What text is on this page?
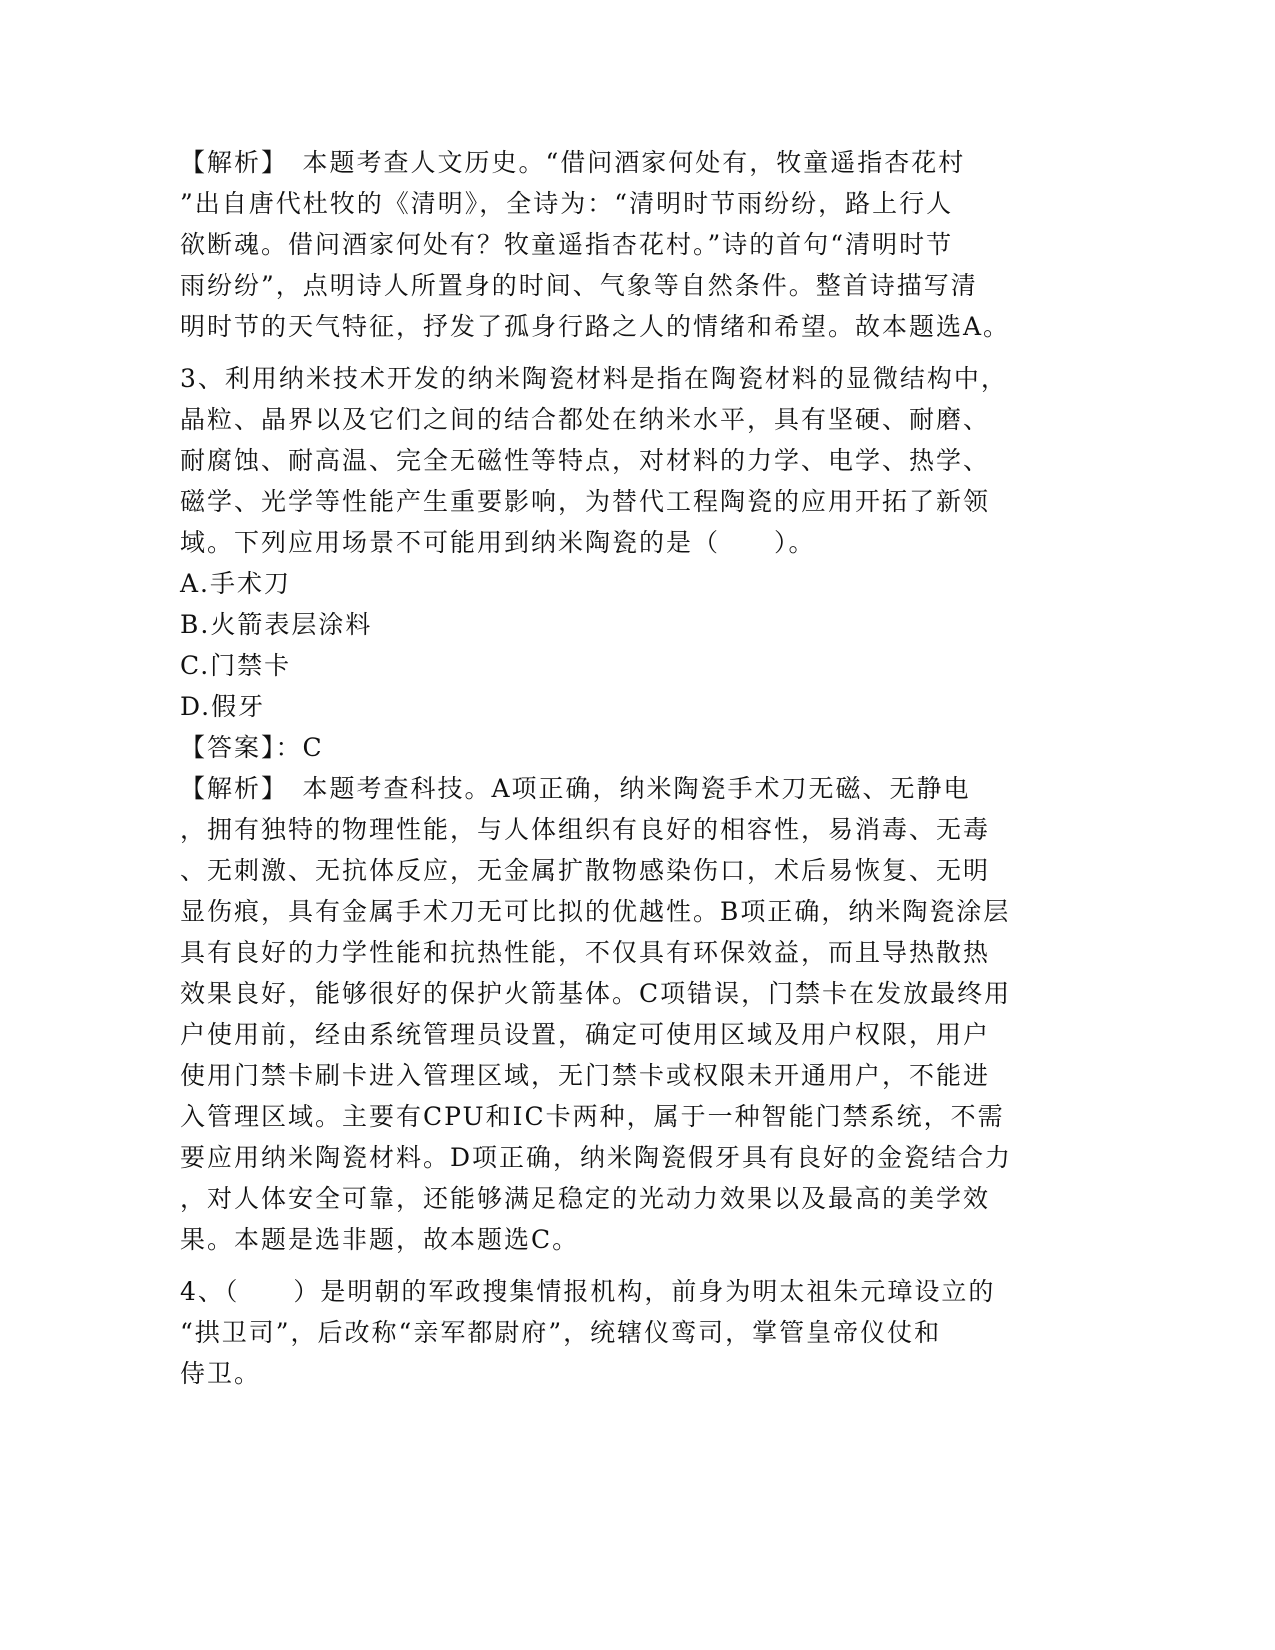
【解析】　本题考查人文历史。“借问酒家何处有，牧童遥指杏花村

”出自唐代杜牧的《清明》，全诗为：“清明时节雨纷纷，路上行人

欲断魂。借问酒家何处有？牧童遥指杏花村。”诗的首句“清明时节

雨纷纷”，点明诗人所置身的时间、气象等自然条件。整首诗描写清

明时节的天气特征，抒发了孤身行路之人的情绪和希望。故本题选A。

3、利用纳米技术开发的纳米陶瓷材料是指在陶瓷材料的显微结构中，

晶粒、晶界以及它们之间的结合都处在纳米水平，具有坚硬、耐磨、

耐腐蚀、耐高温、完全无磁性等特点，对材料的力学、电学、热学、

磁学、光学等性能产生重要影响，为替代工程陶瓷的应用开拓了新领

域。下列应用场景不可能用到纳米陶瓷的是（　　）。

A.手术刀

B.火箭表层涂料

C.门禁卡

D.假牙

【答案】：C

【解析】　本题考查科技。A项正确，纳米陶瓷手术刀无磁、无静电

，拥有独特的物理性能，与人体组织有良好的相容性，易消毒、无毒

、无刺激、无抗体反应，无金属扩散物感染伤口，术后易恢复、无明

显伤痕，具有金属手术刀无可比拟的优越性。B项正确，纳米陶瓷涂层

具有良好的力学性能和抗热性能，不仅具有环保效益，而且导热散热

效果良好，能够很好的保护火箭基体。C项错误，门禁卡在发放最终用

户使用前，经由系统管理员设置，确定可使用区域及用户权限，用户

使用门禁卡刷卡进入管理区域，无门禁卡或权限未开通用户，不能进

入管理区域。主要有CPU和IC卡两种，属于一种智能门禁系统，不需

要应用纳米陶瓷材料。D项正确，纳米陶瓷假牙具有良好的金瓷结合力

，对人体安全可靠，还能够满足稳定的光动力效果以及最高的美学效

果。本题是选非题，故本题选C。

4、（　　）是明朝的军政搜集情报机构，前身为明太祖朱元璋设立的

“拱卫司”，后改称“亲军都尉府”，统辖仪鸾司，掌管皇帝仪仗和

侍卫。
